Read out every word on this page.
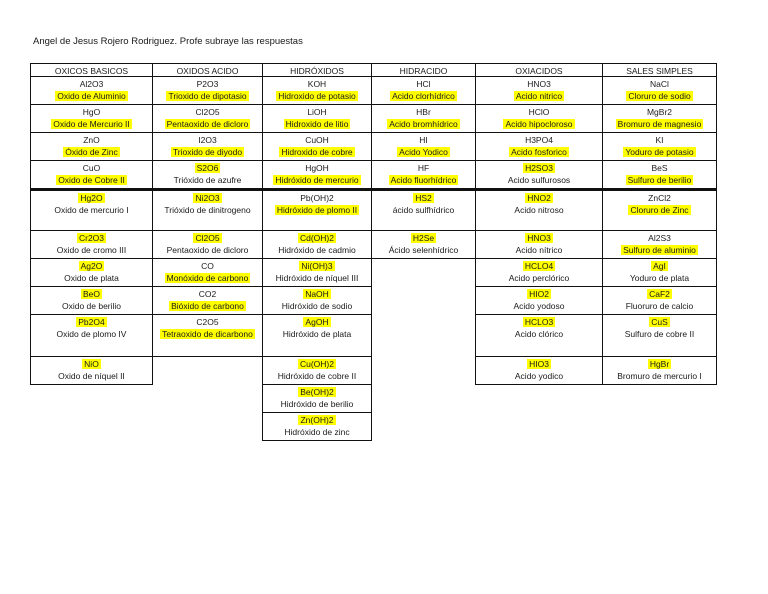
Angel de Jesus Rojero Rodriguez. Profe subraye las respuestas
OXICOS BASICOS
Al2O3
Oxido de Aluminio
HgO
Oxido de Mercurio II
ZnO
Óxido de Zinc
CuO
Oxido de Cobre II
Hg2O
Oxido de mercurio I
Cr2O3
Oxido de cromo III
Ag2O
Oxido de plata
BeO
Oxido de berilio
Pb2O4
Oxido de plomo IV
NiO
Oxido de níquel II
OXIDOS ACIDO
P2O3
Trioxido de dipotasio
Cl2O5
Pentaoxido de dicloro
I2O3
Trioxido de diyodo
S2O6
Trióxido de azufre
Ni2O3
Trióxido de dinitrogeno
Cl2O5
Pentaoxido de dicloro
CO
Monóxido de carbono
CO2
Bióxido de carbono
C2O5
Tetraoxido de dicarbono
HIDRÓXIDOS
KOH
Hidroxido de potasio
LiOH
Hidroxido de litio
CuOH
Hidroxido de cobre
HgOH
Hidróxido de mercurio
Pb(OH)2
Hidróxido de plomo II
Cd(OH)2
Hidróxido de cadmio
Ni(OH)3
Hidróxido de níquel III
NaOH
Hidróxido de sodio
AgOH
Hidróxido de plata
Cu(OH)2
Hidróxido de cobre II
Be(OH)2
Hidróxido de berilio
Zn(OH)2
Hidróxido de zinc
HIDRACIDO
HCl
Acido clorhídrico
HBr
Acido bromhídrico
HI
Acido Yodico
HF
Acido fluorhídrico
HS2
ácido sulfhídrico
H2Se
Ácido selenhídrico
OXIACIDOS
HNO3
Acido nitrico
HClO
Acido hipocloroso
H3PO4
Acido fosforico
H2SO3
Acido sulfurosos
HNO2
Acido nitroso
HNO3
Acido nítrico
HCLO4
Acido perclórico
HIO2
Acido yodoso
HCLO3
Acido clórico
HIO3
Acido yodico
SALES SIMPLES
NaCl
Cloruro de sodio
MgBr2
Bromuro de magnesio
KI
Yoduro de potasio
BeS
Sulfuro de berilio
ZnCl2
Cloruro de Zinc
Al2S3
Sulfuro de aluminio
AgI
Yoduro de plata
CaF2
Fluoruro de calcio
CuS
Sulfuro de cobre II
HgBr
Bromuro de mercurio I
